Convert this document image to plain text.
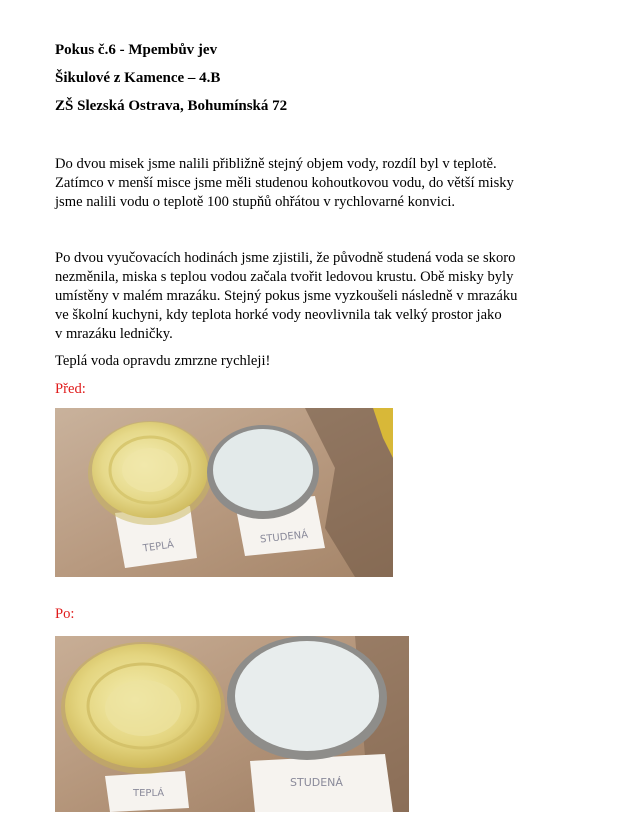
Pokus č.6 - Mpembův jev
Šikulové z Kamence – 4.B
ZŠ Slezská Ostrava, Bohumínská 72
Do dvou misek jsme nalili přibližně stejný objem vody, rozdíl byl v teplotě.
Zatímco v menší misce jsme měli studenou kohoutkovou vodu, do větší misky
jsme nalili vodu o teplotě 100 stupňů ohřátou v rychlovarné konvici.
Po dvou vyučovacích hodinách jsme zjistili, že původně studená voda se skoro
nezměnila, miska s teplou vodou začala tvořit ledovou krustu. Obě misky byly
umístěny v malém mrazáku. Stejný pokus jsme vyzkoušeli následně v mrazáku
ve školní kuchyni, kdy teplota horké vody neovlivnila tak velký prostor jako
v mrazáku ledničky.
Teplá voda opravdu zmrzne rychleji!
Před:
TEPLÁ
STUDENÁ
Po:
TEPLÁ
STUDENÁ
